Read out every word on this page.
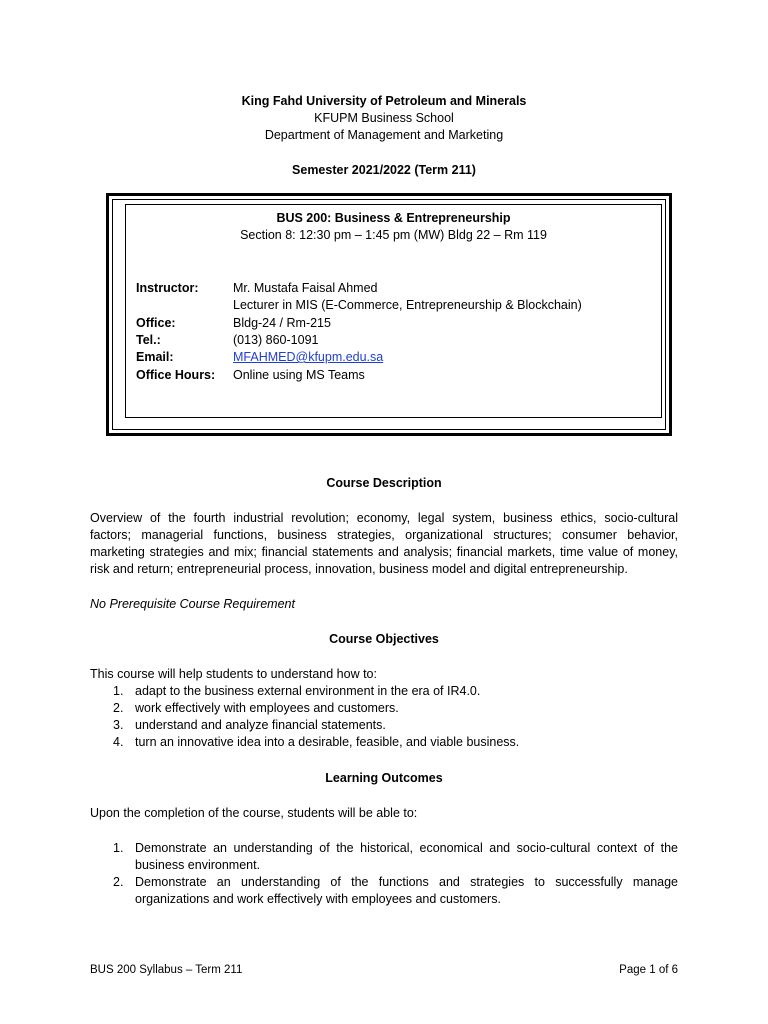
King Fahd University of Petroleum and Minerals
KFUPM Business School
Department of Management and Marketing
Semester 2021/2022 (Term 211)
BUS 200: Business & Entrepreneurship
Section 8: 12:30 pm – 1:45 pm (MW) Bldg 22 – Rm 119
Instructor:	Mr. Mustafa Faisal Ahmed
Lecturer in MIS (E-Commerce, Entrepreneurship & Blockchain)
Office:	Bldg-24 / Rm-215
Tel.:	(013) 860-1091
Email:	MFAHMED@kfupm.edu.sa
Office Hours: Online using MS Teams
Course Description
Overview of the fourth industrial revolution; economy, legal system, business ethics, socio-cultural
factors; managerial functions, business strategies, organizational structures; consumer behavior,
marketing strategies and mix; financial statements and analysis; financial markets, time value of money,
risk and return; entrepreneurial process, innovation, business model and digital entrepreneurship.
No Prerequisite Course Requirement
Course Objectives
This course will help students to understand how to:
1. adapt to the business external environment in the era of IR4.0.
2. work effectively with employees and customers.
3. understand and analyze financial statements.
4. turn an innovative idea into a desirable, feasible, and viable business.
Learning Outcomes
Upon the completion of the course, students will be able to:
1. Demonstrate an understanding of the historical, economical and socio-cultural context of the
business environment.
2. Demonstrate an understanding of the functions and strategies to successfully manage
organizations and work effectively with employees and customers.
BUS 200 Syllabus – Term 211	Page 1 of 6
